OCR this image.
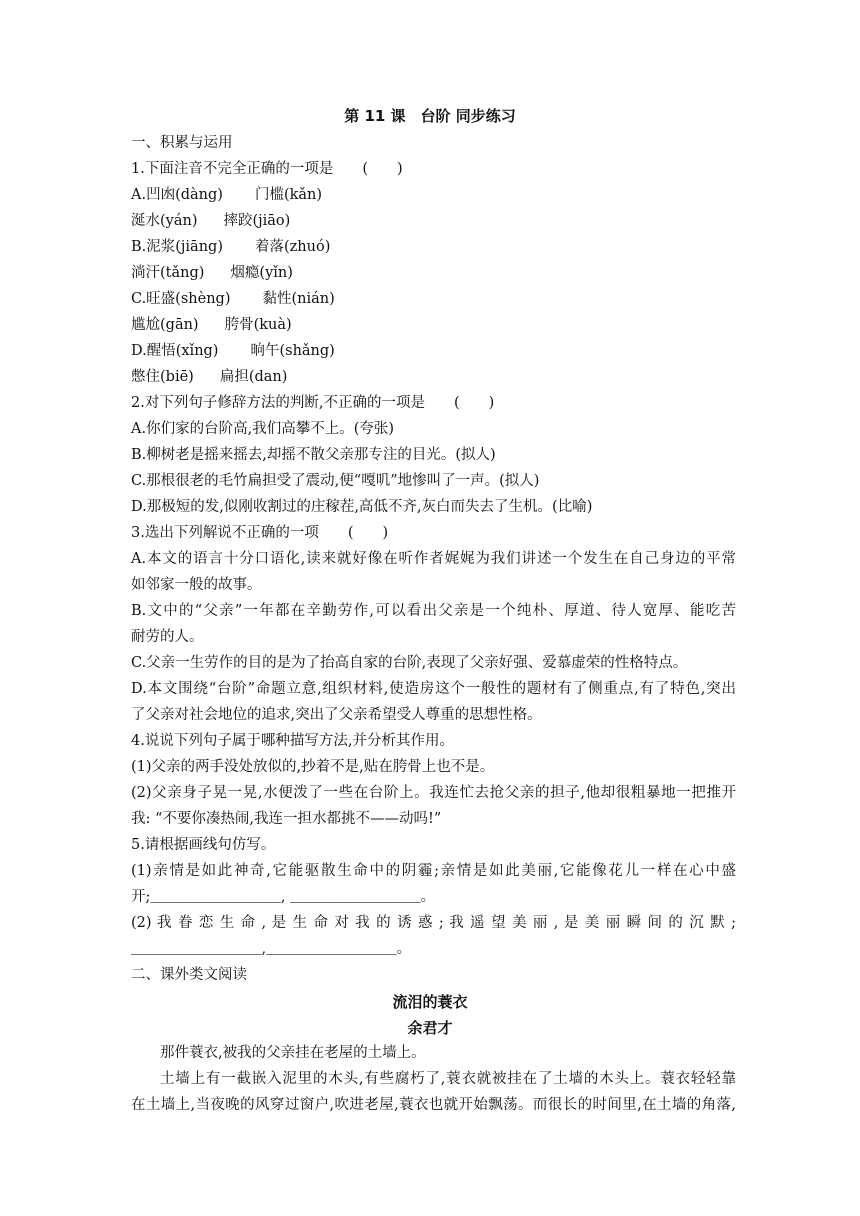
第 11 课　台阶 同步练习
一、积累与运用
1.下面注音不完全正确的一项是　　(　　)
A.凹凼(dàng) 门槛(kǎn)
涎水(yán) 摔跤(jiāo)
B.泥浆(jiāng) 着落(zhuó)
淌汗(tǎng) 烟瘾(yǐn)
C.旺盛(shèng) 黏性(nián)
尴尬(gān) 胯骨(kuà)
D.醒悟(xǐng) 晌午(shǎng)
憋住(biē) 扁担(dan)
2.对下列句子修辞方法的判断,不正确的一项是　　(　　)
A.你们家的台阶高,我们高攀不上。(夸张)
B.柳树老是摇来摇去,却摇不散父亲那专注的目光。(拟人)
C.那根很老的毛竹扁担受了震动,便“嘎叽”地惨叫了一声。(拟人)
D.那极短的发,似刚收割过的庄稼茬,高低不齐,灰白而失去了生机。(比喻)
3.选出下列解说不正确的一项　　(　　)
A.本文的语言十分口语化,读来就好像在听作者娓娓为我们讲述一个发生在自己身边的平常
如邻家一般的故事。
B.文中的“父亲”一年都在辛勤劳作,可以看出父亲是一个纯朴、厚道、待人宽厚、能吃苦
耐劳的人。
C.父亲一生劳作的目的是为了抬高自家的台阶,表现了父亲好强、爱慕虚荣的性格特点。
D.本文围绕“台阶”命题立意,组织材料,使造房这个一般性的题材有了侧重点,有了特色,突出
了父亲对社会地位的追求,突出了父亲希望受人尊重的思想性格。
4.说说下列句子属于哪种描写方法,并分析其作用。
(1)父亲的两手没处放似的,抄着不是,贴在胯骨上也不是。
(2)父亲身子晃一晃,水便泼了一些在台阶上。我连忙去抢父亲的担子,他却很粗暴地一把推开
我: “不要你凑热闹,我连一担水都挑不——动吗!”
5.请根据画线句仿写。
(1)亲情是如此神奇,它能驱散生命中的阴霾;亲情是如此美丽,它能像花儿一样在心中盛
开;＿＿＿＿＿＿＿＿＿, ＿＿＿＿＿＿＿＿＿。
(2) 我 眷 恋 生 命 , 是 生 命 对 我 的 诱 惑 ; 我 遥 望 美 丽 , 是 美 丽 瞬 间 的 沉 默 ;
＿＿＿＿＿＿＿＿＿,＿＿＿＿＿＿＿＿＿。
二、课外类文阅读
流泪的蓑衣
余君才
那件蓑衣,被我的父亲挂在老屋的土墙上。
土墙上有一截嵌入泥里的木头,有些腐朽了,蓑衣就被挂在了土墙的木头上。蓑衣轻轻靠
在土墙上,当夜晚的风穿过窗户,吹进老屋,蓑衣也就开始飘荡。而很长的时间里,在土墙的角落,
